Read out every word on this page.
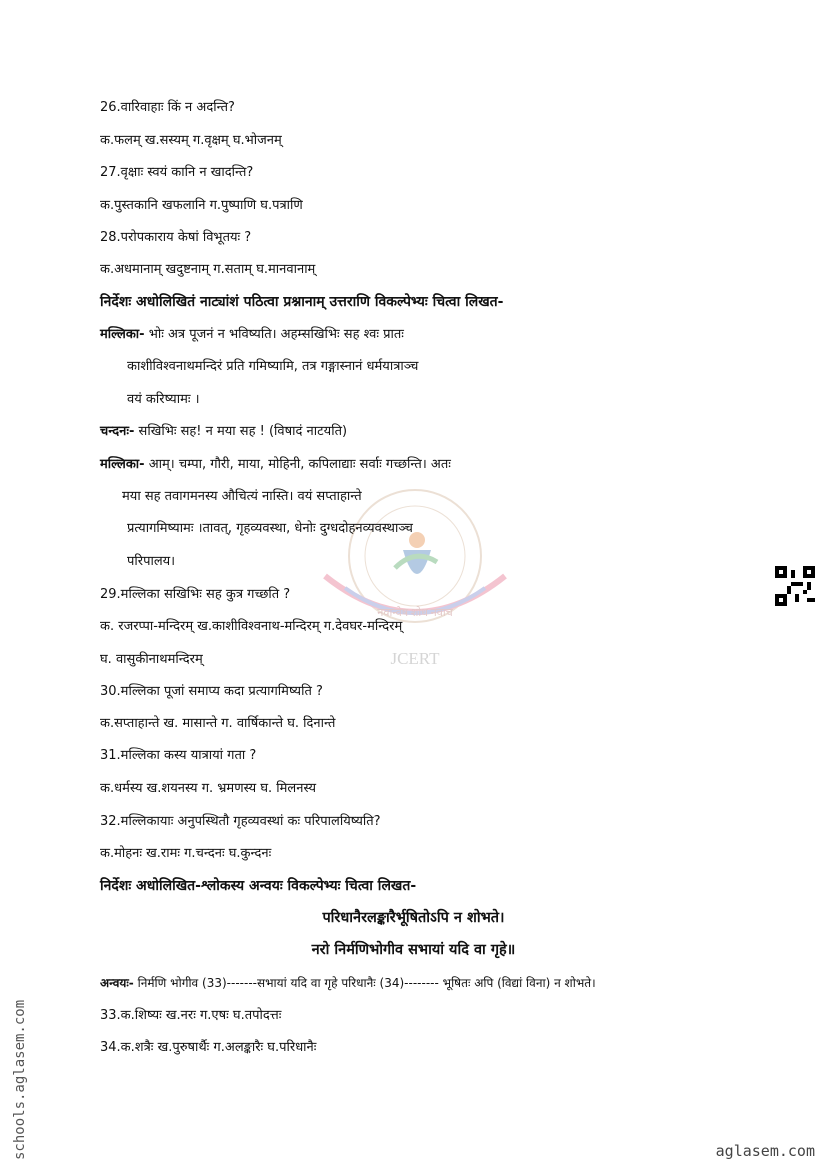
नवान्वेष शोध नवाच
JCERT
26.वारिवाहाः किं न अदन्ति?
क.फलम् ख.सस्यम् ग.वृक्षम् घ.भोजनम्
27.वृक्षाः स्वयं कानि न खादन्ति?
क.पुस्तकानि खफलानि ग.पुष्पाणि घ.पत्राणि
28.परोपकाराय केषां विभूतयः ?
क.अधमानाम् खदुष्टनाम् ग.सताम् घ.मानवानाम्
निर्देशः अधोलिखितं नाट्यांशं पठित्वा प्रश्नानाम् उत्तराणि विकल्पेभ्यः चित्वा लिखत-
मल्लिका- भोः अत्र पूजनं न भविष्यति। अहम्सखिभिः सह श्वः प्रातः
काशीविश्वनाथमन्दिरं प्रति गमिष्यामि, तत्र गङ्गास्नानं धर्मयात्राञ्च
वयं करिष्यामः ।
चन्दनः- सखिभिः सह! न मया सह ! (विषादं नाटयति)
मल्लिका- आम्। चम्पा, गौरी, माया, मोहिनी, कपिलाद्याः सर्वाः गच्छन्ति। अतः
मया सह तवागमनस्य औचित्यं नास्ति। वयं सप्ताहान्ते
प्रत्यागमिष्यामः ।तावत्, गृहव्यवस्था, धेनोः दुग्धदोहनव्यवस्थाञ्च
परिपालय।
29.मल्लिका सखिभिः सह कुत्र गच्छति ?
क. रजरप्पा-मन्दिरम् ख.काशीविश्वनाथ-मन्दिरम् ग.देवघर-मन्दिरम्
घ. वासुकीनाथमन्दिरम्
30.मल्लिका पूजां समाप्य कदा प्रत्यागमिष्यति ?
क.सप्ताहान्ते ख. मासान्ते ग. वार्षिकान्ते घ. दिनान्ते
31.मल्लिका कस्य यात्रायां गता ?
क.धर्मस्य ख.शयनस्य ग. भ्रमणस्य घ. मिलनस्य
32.मल्लिकायाः अनुपस्थितौ गृहव्यवस्थां कः परिपालयिष्यति?
क.मोहनः ख.रामः ग.चन्दनः घ.कुन्दनः
निर्देशः अधोलिखित-श्लोकस्य अन्वयः विकल्पेभ्यः चित्वा लिखत-
परिधानैरलङ्कारैर्भूषितोऽपि न शोभते।
नरो निर्मणिभोगीव सभायां यदि वा गृहे॥
अन्वयः- निर्मणि भोगीव (33)-------सभायां यदि वा गृहे परिधानैः (34)-------- भूषितः अपि (विद्यां विना) न शोभते।
33.क.शिष्यः ख.नरः ग.एषः घ.तपोदत्तः
34.क.शत्रैः ख.पुरुषार्थैः ग.अलङ्कारैः घ.परिधानैः
schools.aglasem.com	aglasem.com
